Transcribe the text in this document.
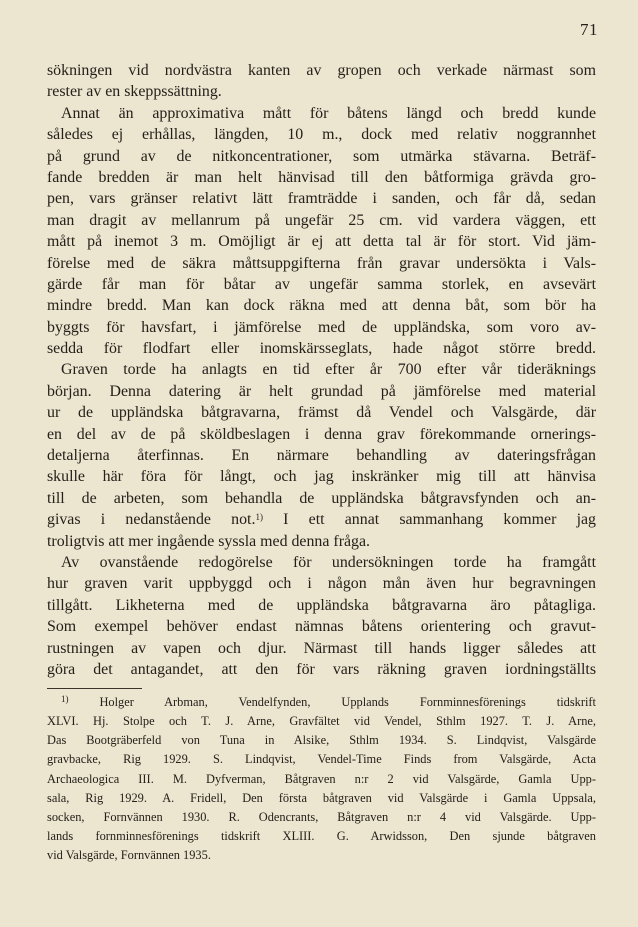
71
sökningen vid nordvästra kanten av gropen och verkade närmast som
rester av en skeppssättning.
Annat än approximativa mått för båtens längd och bredd kunde
således ej erhållas, längden, 10 m., dock med relativ noggrannhet
på grund av de nitkoncentrationer, som utmärka stävarna. Beträf-
fande bredden är man helt hänvisad till den båtformiga grävda gro-
pen, vars gränser relativt lätt framträdde i sanden, och får då, sedan
man dragit av mellanrum på ungefär 25 cm. vid vardera väggen, ett
mått på inemot 3 m. Omöjligt är ej att detta tal är för stort. Vid jäm-
förelse med de säkra måttsuppgifterna från gravar undersökta i Vals-
gärde får man för båtar av ungefär samma storlek, en avsevärt
mindre bredd. Man kan dock räkna med att denna båt, som bör ha
byggts för havsfart, i jämförelse med de uppländska, som voro av-
sedda för flodfart eller inomskärsseglats, hade något större bredd.
Graven torde ha anlagts en tid efter år 700 efter vår tideräknings
början. Denna datering är helt grundad på jämförelse med material
ur de uppländska båtgravarna, främst då Vendel och Valsgärde, där
en del av de på sköldbeslagen i denna grav förekommande ornerings-
detaljerna återfinnas. En närmare behandling av dateringsfrågan
skulle här föra för långt, och jag inskränker mig till att hänvisa
till de arbeten, som behandla de uppländska båtgravsfynden och an-
givas i nedanstående not.$^{1)}$ I ett annat sammanhang kommer jag
troligtvis att mer ingående syssla med denna fråga.
Av ovanstående redogörelse för undersökningen torde ha framgått
hur graven varit uppbyggd och i någon mån även hur begravningen
tillgått. Likheterna med de uppländska båtgravarna äro påtagliga.
Som exempel behöver endast nämnas båtens orientering och gravut-
rustningen av vapen och djur. Närmast till hands ligger således att
göra det antagandet, att den för vars räkning graven iordningställts
$^{1)}$ Holger Arbman, Vendelfynden, Upplands Fornminnesförenings tidskrift
XLVI. Hj. Stolpe och T. J. Arne, Gravfältet vid Vendel, Sthlm 1927. T. J. Arne,
Das Bootgräberfeld von Tuna in Alsike, Sthlm 1934. S. Lindqvist, Valsgärde
gravbacke, Rig 1929. S. Lindqvist, Vendel-Time Finds from Valsgärde, Acta
Archaeologica III. M. Dyfverman, Båtgraven n:r 2 vid Valsgärde, Gamla Upp-
sala, Rig 1929. A. Fridell, Den första båtgraven vid Valsgärde i Gamla Uppsala,
socken, Fornvännen 1930. R. Odencrants, Båtgraven n:r 4 vid Valsgärde. Upp-
lands fornminnesförenings tidskrift XLIII. G. Arwidsson, Den sjunde båtgraven
vid Valsgärde, Fornvännen 1935.
